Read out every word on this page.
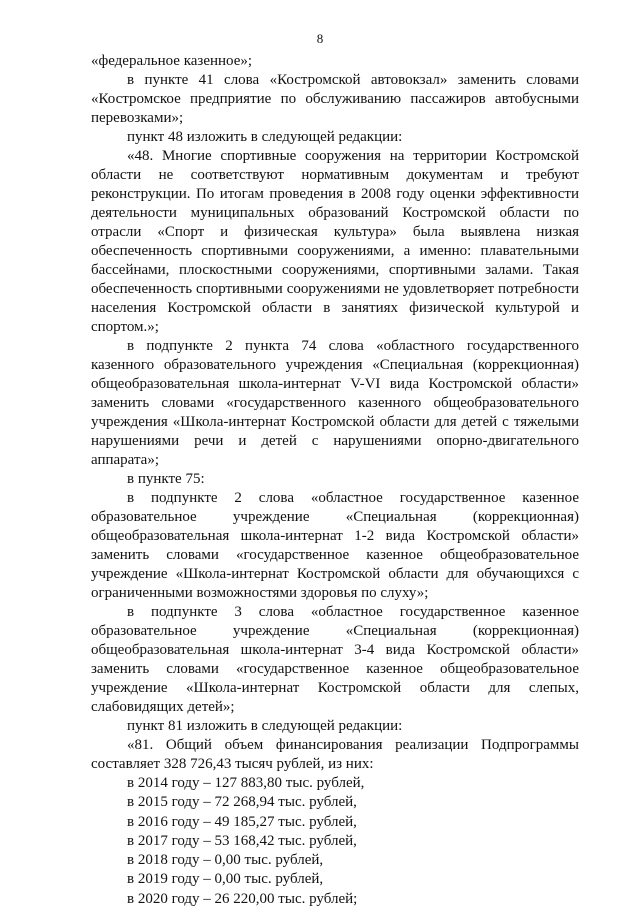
8

«федеральное казенное»;

в пункте 41 слова «Костромской автовокзал» заменить словами «Костромское предприятие по обслуживанию пассажиров автобусными перевозками»;

пункт 48 изложить в следующей редакции:

«48. Многие спортивные сооружения на территории Костромской области не соответствуют нормативным документам и требуют реконструкции. По итогам проведения в 2008 году оценки эффективности деятельности муниципальных образований Костромской области по отрасли «Спорт и физическая культура» была выявлена низкая обеспеченность спортивными сооружениями, а именно: плавательными бассейнами, плоскостными сооружениями, спортивными залами. Такая обеспеченность спортивными сооружениями не удовлетворяет потребности населения Костромской области в занятиях физической культурой и спортом.»;

в подпункте 2 пункта 74 слова «областного государственного казенного образовательного учреждения «Специальная (коррекционная) общеобразовательная школа-интернат V-VI вида Костромской области» заменить словами «государственного казенного общеобразовательного учреждения «Школа-интернат Костромской области для детей с тяжелыми нарушениями речи и детей с нарушениями опорно-двигательного аппарата»;

в пункте 75:

в подпункте 2 слова «областное государственное казенное образовательное учреждение «Специальная (коррекционная) общеобразовательная школа-интернат 1-2 вида Костромской области» заменить словами «государственное казенное общеобразовательное учреждение «Школа-интернат Костромской области для обучающихся с ограниченными возможностями здоровья по слуху»;

в подпункте 3 слова «областное государственное казенное образовательное учреждение «Специальная (коррекционная) общеобразовательная школа-интернат 3-4 вида Костромской области» заменить словами «государственное казенное общеобразовательное учреждение «Школа-интернат Костромской области для слепых, слабовидящих детей»;

пункт 81 изложить в следующей редакции:

«81. Общий объем финансирования реализации Подпрограммы составляет 328 726,43 тысяч рублей, из них:

в 2014 году – 127 883,80 тыс. рублей,

в 2015 году – 72 268,94 тыс. рублей,

в 2016 году – 49 185,27 тыс. рублей,

в 2017 году – 53 168,42 тыс. рублей,

в 2018 году – 0,00 тыс. рублей,

в 2019 году – 0,00 тыс. рублей,

в 2020 году – 26 220,00 тыс. рублей;
